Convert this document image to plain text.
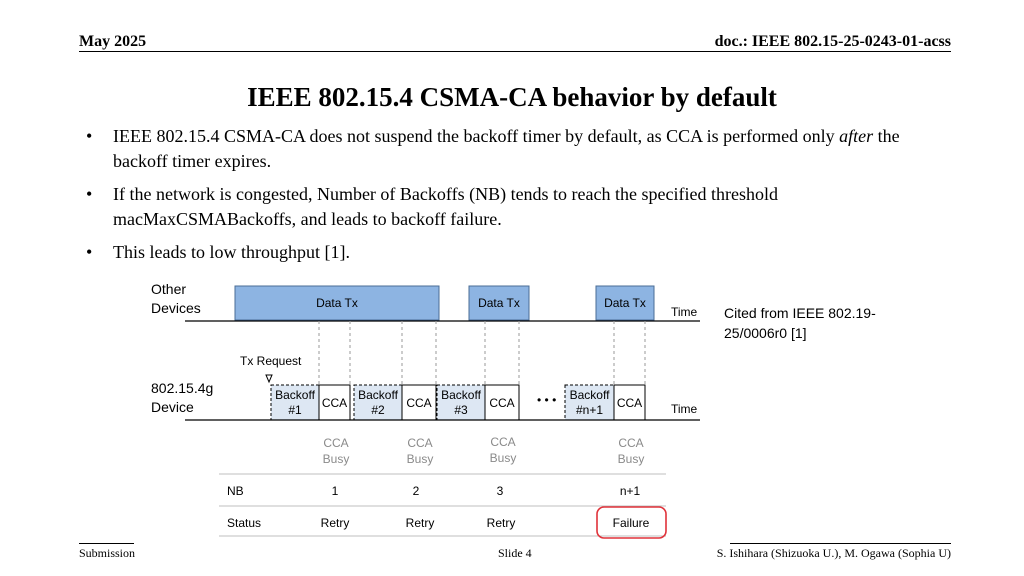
May 2025	doc.: IEEE 802.15-25-0243-01-acss
IEEE 802.15.4 CSMA-CA behavior by default
• IEEE 802.15.4 CSMA-CA does not suspend the backoff timer by default, as CCA is performed only after the backoff timer expires.
• If the network is congested, Number of Backoffs (NB) tends to reach the specified threshold macMaxCSMABackoffs, and leads to backoff failure.
• This leads to low throughput [1].
Other
Devices	Data Tx	Data Tx	Data Tx
Time
Tx Request
802.15.4g
Device
Backoff
#1 CCA
Backoff
#2 CCA
Backoff
#3 CCA • • • Backoff
#n+1 CCA Time
CCA
Busy
CCA
Busy
CCA
Busy
CCA
Busy
NB	1	2	3	n+1
Status	Retry	Retry	Retry	Failure
Cited from IEEE 802.19-25/0006r0 [1]
Submission	Slide 4	S. Ishihara (Shizuoka U.), M. Ogawa (Sophia U)
